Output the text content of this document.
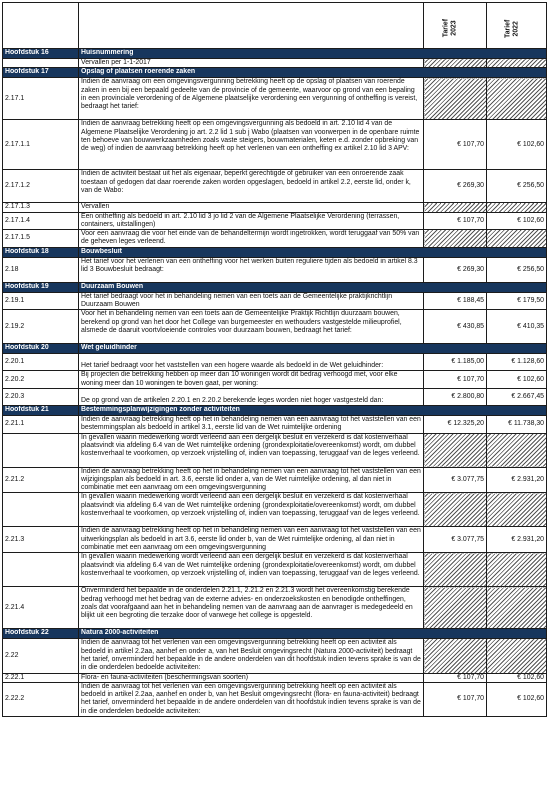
		Tarief 2023	Tarief 2022

Hoofdstuk 16	Huisnummering		
	Vervallen per 1-1-2017		
Hoofdstuk 17	Opslag of plaatsen roerende zaken		
2.17.1	Indien de aanvraag om een omgevingsvergunning betrekking heeft op de opslag of plaatsen van roerende zaken in een bij een bepaald gedeelte van de provincie of de gemeente, waarvoor op grond van een bepaling in een provinciale verordening of de Algemene plaatselijke verordening een vergunning of ontheffing is vereist, bedraagt het tarief:		
2.17.1.1	Indien de aanvraag betrekking heeft op een omgevingsvergunning als bedoeld in art. 2.10 lid 4 van de Algemene Plaatselijke Verordening jo art. 2.2 lid 1 sub j Wabo (plaatsen van voorwerpen in de openbare ruimte ten behoeve van bouwwerkzaamheden zoals vaste steigers, bouwmaterialen, keten e.d. zonder opbreking van de weg) of indien de aanvraag betrekking heeft op het verlenen van een ontheffing ex artikel 2.10 lid 3 APV:	€ 107,70	€ 102,60
2.17.1.2	Indien de activiteit bestaat uit het als eigenaar, beperkt gerechtigde of gebruiker van een onroerende zaak toestaan of gedogen dat daar roerende zaken worden opgeslagen, bedoeld in artikel 2.2, eerste lid, onder k, van de Wabo:	€ 269,30	€ 256,50
2.17.1.3	Vervallen		
2.17.1.4	Een ontheffing als bedoeld in art. 2.10 lid 3 jo lid 2 van de Algemene Plaatselijke Verordening (terrassen, containers, uitstallingen)	€ 107,70	€ 102,60
2.17.1.5	Voor een aanvraag die voor het einde van de behandeltermijn wordt ingetrokken, wordt teruggaaf van 50% van de geheven leges verleend.		
Hoofdstuk 18	Bouwbesluit		
2.18	Het tarief voor het verlenen van een ontheffing voor het werken buiten reguliere tijden als bedoeld in artikel 8.3 lid 3 Bouwbesluit bedraagt:	€ 269,30	€ 256,50
Hoofdstuk 19	Duurzaam Bouwen		
2.19.1	Het tarief bedraagt voor het in behandeling nemen van een toets aan de Gemeentelijke praktijkrichtlijn Duurzaam Bouwen	€ 188,45	€ 179,50
2.19.2	Voor het in behandeling nemen van een toets aan de Gemeentelijke Praktijk Richtlijn duurzaam bouwen, berekend op grond van het door het College van burgemeester en wethouders vastgestelde milieuprofiel, alsmede de daaruit voortvloeiende controles voor duurzaam bouwen, bedraagt het tarief:	€ 430,85	€ 410,35
Hoofdstuk 20	Wet geluidhinder		
2.20.1	Het tarief bedraagt voor het vaststellen van een hogere waarde als bedoeld in de Wet geluidhinder:	€ 1.185,00	€ 1.128,60
2.20.2	Bij projecten die betrekking hebben op meer dan 10 woningen wordt dit bedrag verhoogd met, voor elke woning meer dan 10 woningen te boven gaat, per woning:	€ 107,70	€ 102,60
2.20.3	De op grond van de artikelen 2.20.1 en 2.20.2 berekende leges worden niet hoger vastgesteld dan:	€ 2.800,80	€ 2.667,45
Hoofdstuk 21	Bestemmingsplanwijzigingen zonder activiteiten		
2.21.1	Indien de aanvraag betrekking heeft op het in behandeling nemen van een aanvraag tot het vaststellen van een bestemmingsplan als bedoeld in artikel 3.1, eerste lid van de Wet ruimtelijke ordening	€ 12.325,20	€ 11.738,30
	In gevallen waarin medewerking wordt verleend aan een dergelijk besluit en verzekerd is dat kostenverhaal plaatsvindt via afdeling 6.4 van de Wet ruimtelijke ordening (grondexploitatie/overeenkomst) wordt, om dubbel kostenverhaal te voorkomen, op verzoek vrijstelling of, indien van toepassing, teruggaaf van de leges verleend.		
2.21.2	Indien de aanvraag betrekking heeft op het in behandeling nemen van een aanvraag tot het vaststellen van een wijzigingsplan als bedoeld in art. 3.6, eerste lid onder a, van de Wet ruimtelijke ordening, al dan niet in combinatie met een aanvraag om een omgevingsvergunning	€ 3.077,75	€ 2.931,20
	In gevallen waarin medewerking wordt verleend aan een dergelijk besluit en verzekerd is dat kostenverhaal plaatsvindt via afdeling 6.4 van de Wet ruimtelijke ordening (grondexploitatie/overeenkomst) wordt, om dubbel kostenverhaal te voorkomen, op verzoek vrijstelling of, indien van toepassing, teruggaaf van de leges verleend.		
2.21.3	Indien de aanvraag betrekking heeft op het in behandeling nemen van een aanvraag tot het vaststellen van een uitwerkingsplan als bedoeld in art 3.6, eerste lid onder b, van de Wet ruimtelijke ordening, al dan niet in combinatie met een aanvraag om een omgevingsvergunning	€ 3.077,75	€ 2.931,20
	In gevallen waarin medewerking wordt verleend aan een dergelijk besluit en verzekerd is dat kostenverhaal plaatsvindt via afdeling 6.4 van de Wet ruimtelijke ordening (grondexploitatie/overeenkomst) wordt, om dubbel kostenverhaal te voorkomen, op verzoek vrijstelling of, indien van toepassing, teruggaaf van de leges verleend.		
2.21.4	Onverminderd het bepaalde in de onderdelen 2.21.1, 2.21.2 en 2.21.3 wordt het overeenkomstig berekende bedrag verhoogd met het bedrag van de externe advies- en onderzoekskosten en benodigde ontheffingen, zoals dat voorafgaand aan het in behandeling nemen van de aanvraag aan de aanvrager is medegedeeld en blijkt uit een begroting die terzake door of vanwege het college is opgesteld.		
Hoofdstuk 22	Natura 2000-activiteiten		
2.22	Indien de aanvraag tot het verlenen van een omgevingsvergunning betrekking heeft op een activiteit als bedoeld in artikel 2.2aa, aanhef en onder a, van het Besluit omgevingsrecht (Natura 2000-activiteit) bedraagt het tarief, onverminderd het bepaalde in de andere onderdelen van dit hoofdstuk indien tevens sprake is van de in die onderdelen bedoelde activiteiten:		
2.22.1	Flora- en fauna-activiteiten (beschermingsvan soorten)	€ 107,70	€ 102,60
2.22.2	Indien de aanvraag tot het verlenen van een omgevingsvergunning betrekking heeft op een activiteit als bedoeld in artikel 2.2aa, aanhef en onder b, van het Besluit omgevingsrecht (flora- en fauna-activiteit) bedraagt het tarief, onverminderd het bepaalde in de andere onderdelen van dit hoofdstuk indien tevens sprake is van de in die onderdelen bedoelde activiteiten:	€ 107,70	€ 102,60
